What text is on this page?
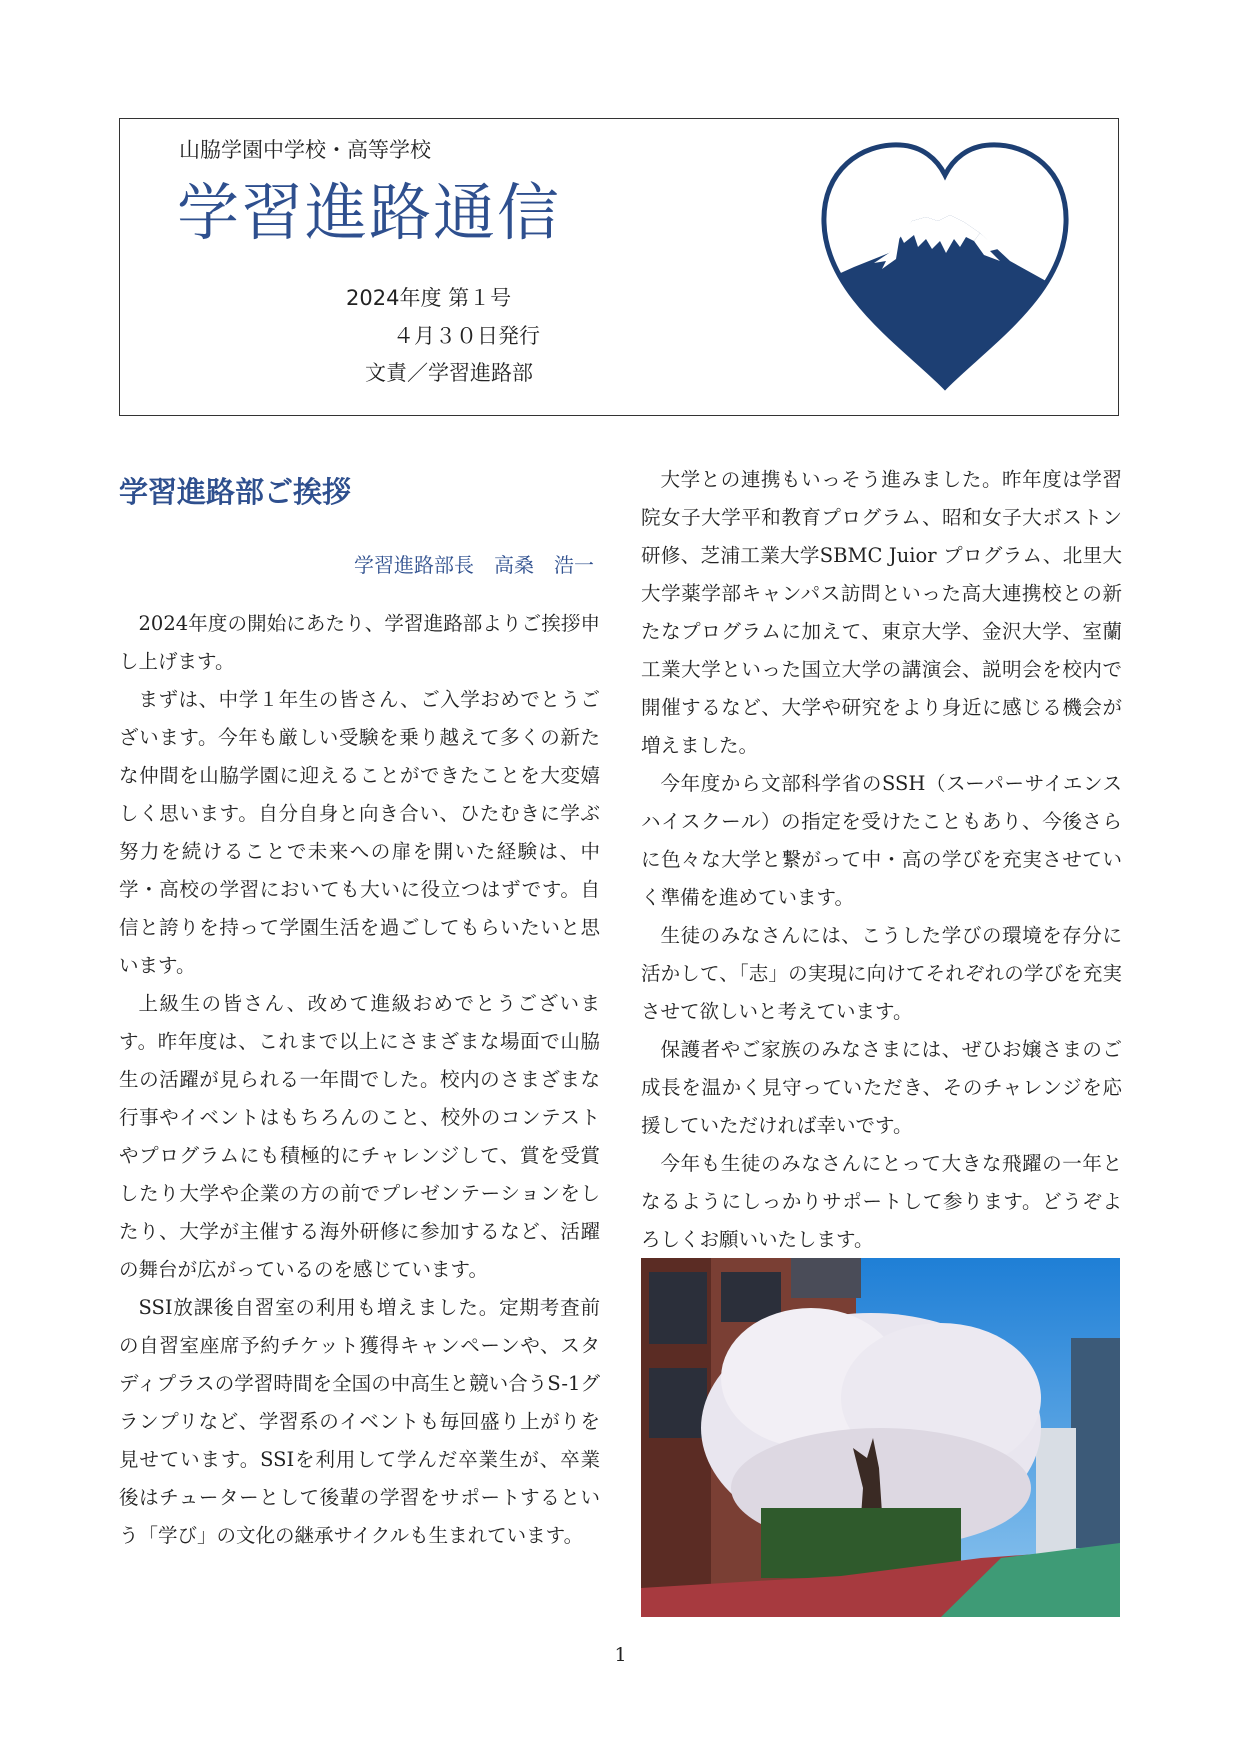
山脇学園中学校・高等学校
学習進路通信
2024年度 第１号
４月３０日発行
文責／学習進路部
学習進路部ご挨拶
学習進路部長　高桑　浩一

2024年度の開始にあたり、学習進路部よりご挨拶申し上げます。

まずは、中学１年生の皆さん、ご入学おめでとうございます。今年も厳しい受験を乗り越えて多くの新たな仲間を山脇学園に迎えることができたことを大変嬉しく思います。自分自身と向き合い、ひたむきに学ぶ努力を続けることで未来への扉を開いた経験は、中学・高校の学習においても大いに役立つはずです。自信と誇りを持って学園生活を過ごしてもらいたいと思います。

上級生の皆さん、改めて進級おめでとうございます。昨年度は、これまで以上にさまざまな場面で山脇生の活躍が見られる一年間でした。校内のさまざまな行事やイベントはもちろんのこと、校外のコンテストやプログラムにも積極的にチャレンジして、賞を受賞したり大学や企業の方の前でプレゼンテーションをしたり、大学が主催する海外研修に参加するなど、活躍の舞台が広がっているのを感じています。

SSI放課後自習室の利用も増えました。定期考査前の自習室座席予約チケット獲得キャンペーンや、スタディプラスの学習時間を全国の中高生と競い合うS-1グランプリなど、学習系のイベントも毎回盛り上がりを見せています。SSIを利用して学んだ卒業生が、卒業後はチューターとして後輩の学習をサポートするという「学び」の文化の継承サイクルも生まれています。

大学との連携もいっそう進みました。昨年度は学習院女子大学平和教育プログラム、昭和女子大ボストン研修、芝浦工業大学SBMC Juior プログラム、北里大大学薬学部キャンパス訪問といった高大連携校との新たなプログラムに加えて、東京大学、金沢大学、室蘭工業大学といった国立大学の講演会、説明会を校内で開催するなど、大学や研究をより身近に感じる機会が増えました。

今年度から文部科学省のSSH（スーパーサイエンスハイスクール）の指定を受けたこともあり、今後さらに色々な大学と繋がって中・高の学びを充実させていく準備を進めています。

生徒のみなさんには、こうした学びの環境を存分に活かして、「志」の実現に向けてそれぞれの学びを充実させて欲しいと考えています。

保護者やご家族のみなさまには、ぜひお嬢さまのご成長を温かく見守っていただき、そのチャレンジを応援していただければ幸いです。

今年も生徒のみなさんにとって大きな飛躍の一年となるようにしっかりサポートして参ります。どうぞよろしくお願いいたします。

1
